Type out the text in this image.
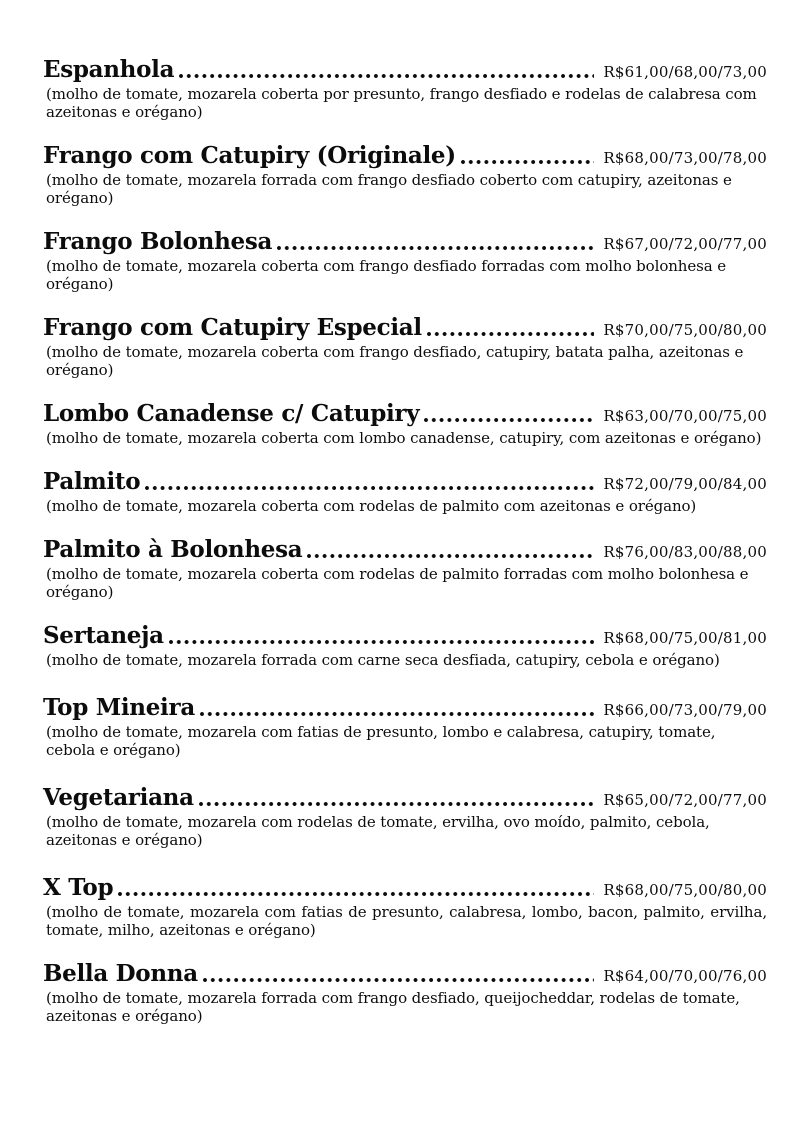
Espanhola	R$61,00/68,00/73,00

(molho de tomate, mozarela coberta por presunto, frango desfiado e rodelas de calabresa com azeitonas e orégano)

Frango com Catupiry (Originale)	R$68,00/73,00/78,00

(molho de tomate, mozarela forrada com frango desfiado coberto com catupiry, azeitonas e orégano)

Frango Bolonhesa	R$67,00/72,00/77,00

(molho de tomate, mozarela coberta com frango desfiado forradas com molho bolonhesa e orégano)

Frango com Catupiry Especial	R$70,00/75,00/80,00

(molho de tomate, mozarela coberta com frango desfiado, catupiry, batata palha, azeitonas e orégano)

Lombo Canadense c/ Catupiry	R$63,00/70,00/75,00

(molho de tomate, mozarela coberta com lombo canadense, catupiry, com azeitonas e orégano)

Palmito	R$72,00/79,00/84,00

(molho de tomate, mozarela coberta com rodelas de palmito com azeitonas e orégano)

Palmito à Bolonhesa	R$76,00/83,00/88,00

(molho de tomate, mozarela coberta com rodelas de palmito forradas com molho bolonhesa e orégano)

Sertaneja	R$68,00/75,00/81,00

(molho de tomate, mozarela forrada com carne seca desfiada, catupiry, cebola e orégano)

Top Mineira	R$66,00/73,00/79,00

(molho de tomate, mozarela com fatias de presunto, lombo e calabresa, catupiry, tomate, cebola e orégano)

Vegetariana	R$65,00/72,00/77,00

(molho de tomate, mozarela com rodelas de tomate, ervilha, ovo moído, palmito, cebola, azeitonas e orégano)

X Top	R$68,00/75,00/80,00

(molho de tomate, mozarela com fatias de presunto, calabresa, lombo, bacon, palmito, ervilha, tomate, milho, azeitonas e orégano)

Bella Donna	R$64,00/70,00/76,00

(molho de tomate, mozarela forrada com frango desfiado, queijocheddar, rodelas de tomate, azeitonas e orégano)
